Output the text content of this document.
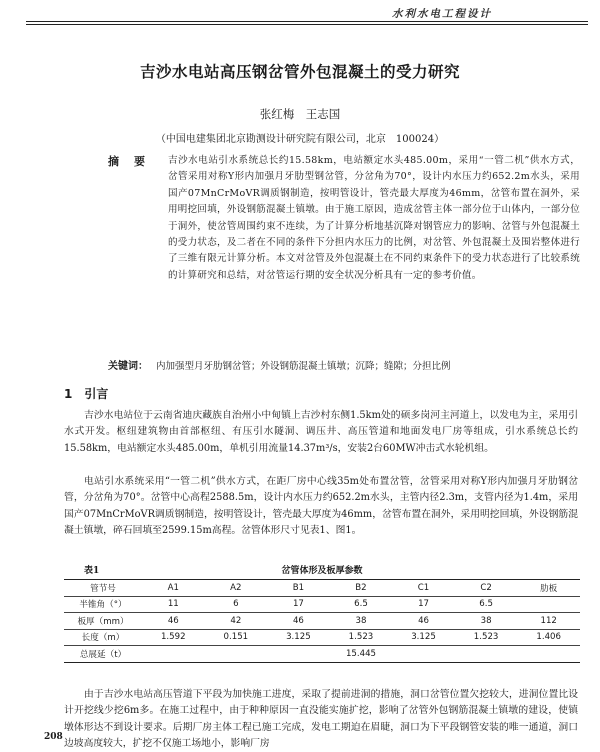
水利水电工程设计
吉沙水电站高压钢岔管外包混凝土的受力研究
张红梅　王志国
（中国电建集团北京勘测设计研究院有限公司，北京　100024）
摘　要 吉沙水电站引水系统总长约15.58km，电站额定水头485.00m，采用“一管二机”供水方式，岔管采用对称Y形内加强月牙肋型钢岔管，分岔角为70°，设计内水压力约652.2m水头，采用国产07MnCrMoVR调质钢制造，按明管设计，管壳最大厚度为46mm，岔管布置在洞外，采用明挖回填，外设钢筋混凝土镇墩。由于施工原因，造成岔管主体一部分位于山体内，一部分位于洞外，使岔管周围约束不连续，为了计算分析地基沉降对钢管应力的影响、岔管与外包混凝土的受力状态，及二者在不同的条件下分担内水压力的比例，对岔管、外包混凝土及围岩整体进行了三维有限元计算分析。本文对岔管及外包混凝土在不同约束条件下的受力状态进行了比较系统的计算研究和总结，对岔管运行期的安全状况分析具有一定的参考价值。
关键词： 内加强型月牙肋钢岔管；外设钢筋混凝土镇墩；沉降；缝隙；分担比例
1　引言
吉沙水电站位于云南省迪庆藏族自治州小中甸镇上吉沙村东侧1.5km处的硕多岗河主河道上，以发电为主，采用引水式开发。枢纽建筑物由首部枢纽、有压引水隧洞、调压井、高压管道和地面发电厂房等组成，引水系统总长约15.58km，电站额定水头485.00m，单机引用流量14.37m³/s，安装2台60MW冲击式水轮机组。
电站引水系统采用“一管二机”供水方式，在距厂房中心线35m处布置岔管，岔管采用对称Y形内加强月牙肋钢岔管，分岔角为70°。岔管中心高程2588.5m，设计内水压力约652.2m水头，主管内径2.3m，支管内径为1.4m，采用国产07MnCrMoVR调质钢制造，按明管设计，管壳最大厚度为46mm，岔管布置在洞外，采用明挖回填，外设钢筋混凝土镇墩，碎石回填至2599.15m高程。岔管体形尺寸见表1、图1。
岔管体形及板厚参数
表1
管节号	A1	A2	B1	B2	C1	C2	肋板
半锥角（°）	11	6	17	6.5	17	6.5	
板厚（mm）	46	42	46	38	46	38	112
长度（m）	1.592	0.151	3.125	1.523	3.125	1.523	1.406
总展延（t）	15.445						
由于吉沙水电站高压管道下平段为加快施工进度，采取了提前进洞的措施，洞口岔管位置欠挖较大，进洞位置比设计开挖线少挖6m多。在施工过程中，由于种种原因一直没能实施扩挖，影响了岔管外包钢筋混凝土镇墩的建设，使镇墩体形达不到设计要求。后期厂房主体工程已施工完成，发电工期迫在眉睫，洞口为下平段钢管安装的唯一通道，洞口边坡高度较大，扩挖不仅施工场地小，影响厂房
208
